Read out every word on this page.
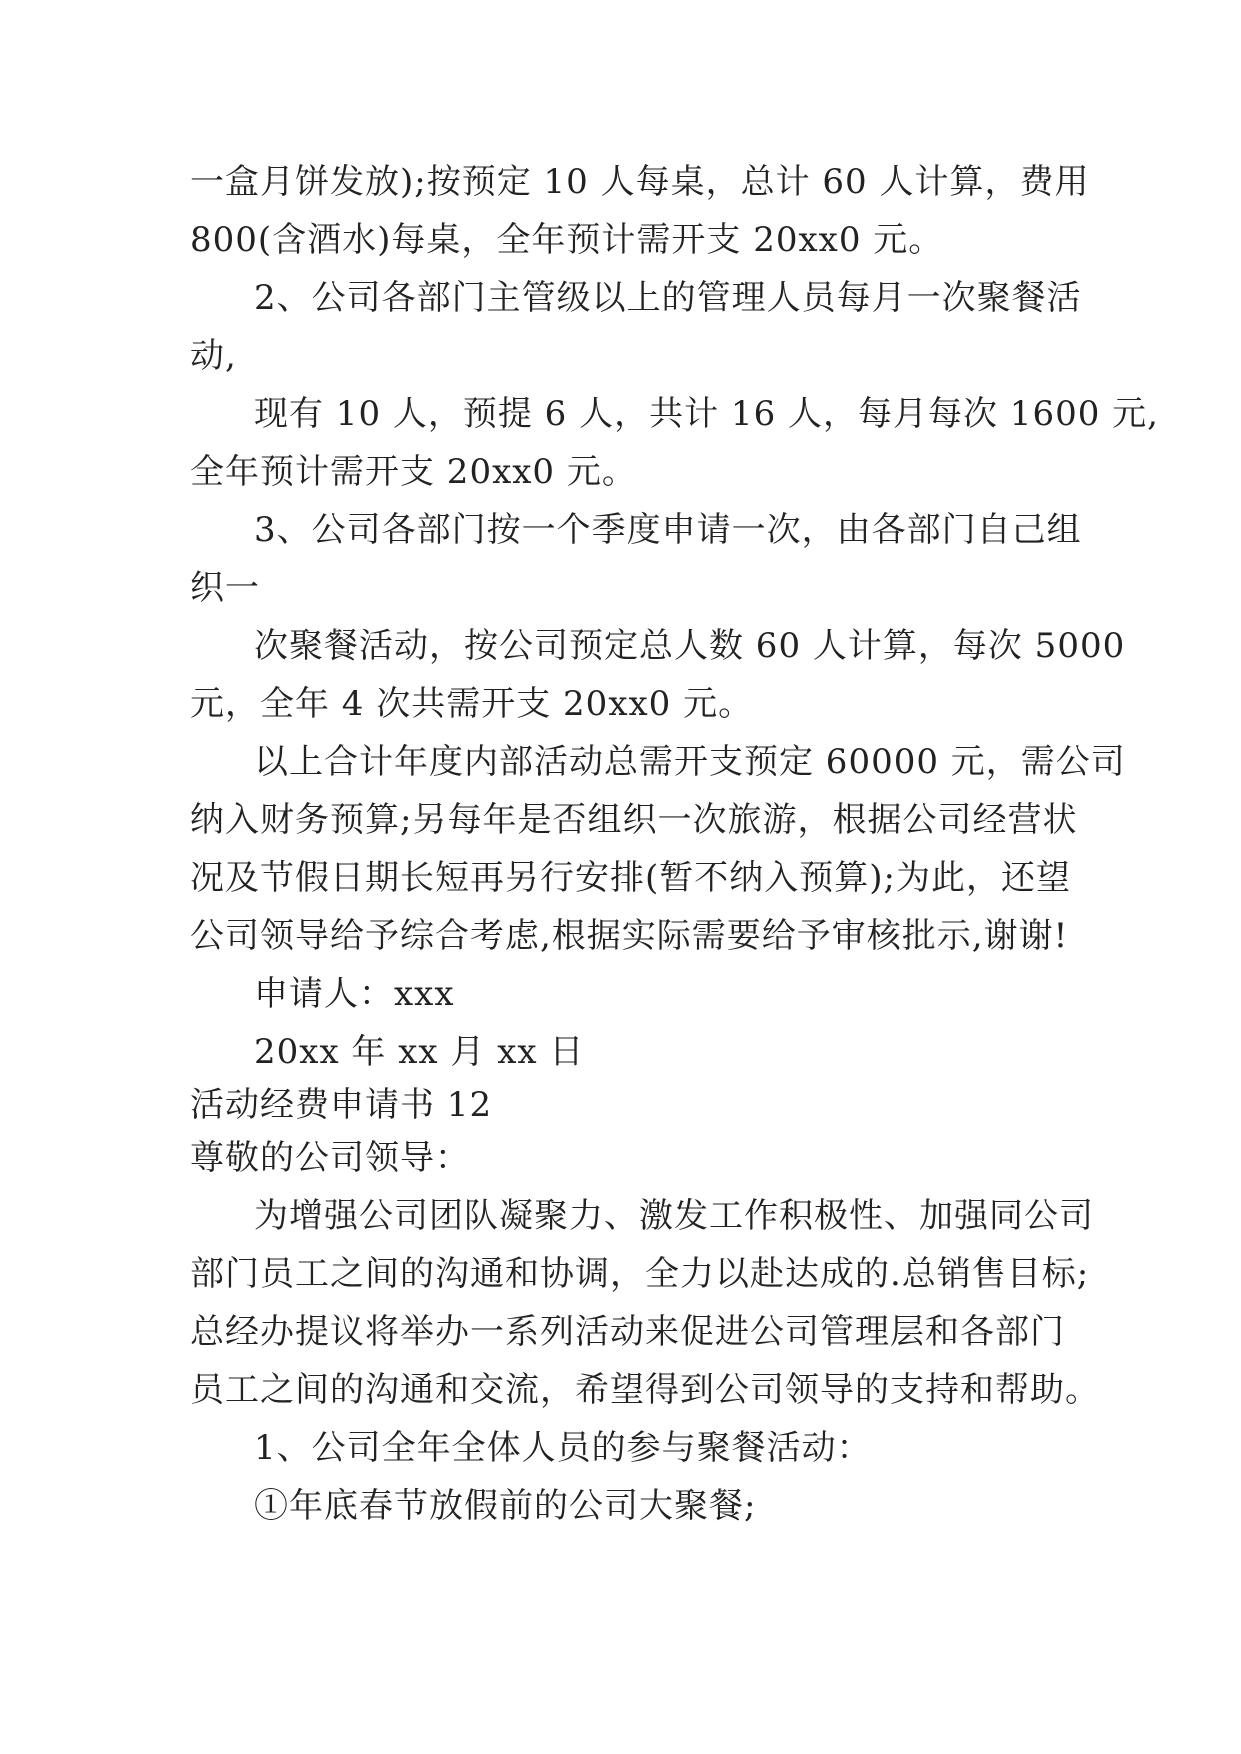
一盒月饼发放);按预定 10 人每桌，总计 60 人计算，费用
800(含酒水)每桌，全年预计需开支 20xx0 元。
2、公司各部门主管级以上的管理人员每月一次聚餐活
动,
现有 10 人，预提 6 人，共计 16 人，每月每次 1600 元,
全年预计需开支 20xx0 元。
3、公司各部门按一个季度申请一次，由各部门自己组
织一
次聚餐活动，按公司预定总人数 60 人计算，每次 5000
元，全年 4 次共需开支 20xx0 元。
以上合计年度内部活动总需开支预定 60000 元，需公司
纳入财务预算;另每年是否组织一次旅游，根据公司经营状
况及节假日期长短再另行安排(暂不纳入预算);为此，还望
公司领导给予综合考虑,根据实际需要给予审核批示,谢谢!
申请人：xxx
20xx 年 xx 月 xx 日
活动经费申请书 12
尊敬的公司领导：
为增强公司团队凝聚力、激发工作积极性、加强同公司
部门员工之间的沟通和协调，全力以赴达成的.总销售目标;
总经办提议将举办一系列活动来促进公司管理层和各部门
员工之间的沟通和交流，希望得到公司领导的支持和帮助。
1、公司全年全体人员的参与聚餐活动：
①年底春节放假前的公司大聚餐;
